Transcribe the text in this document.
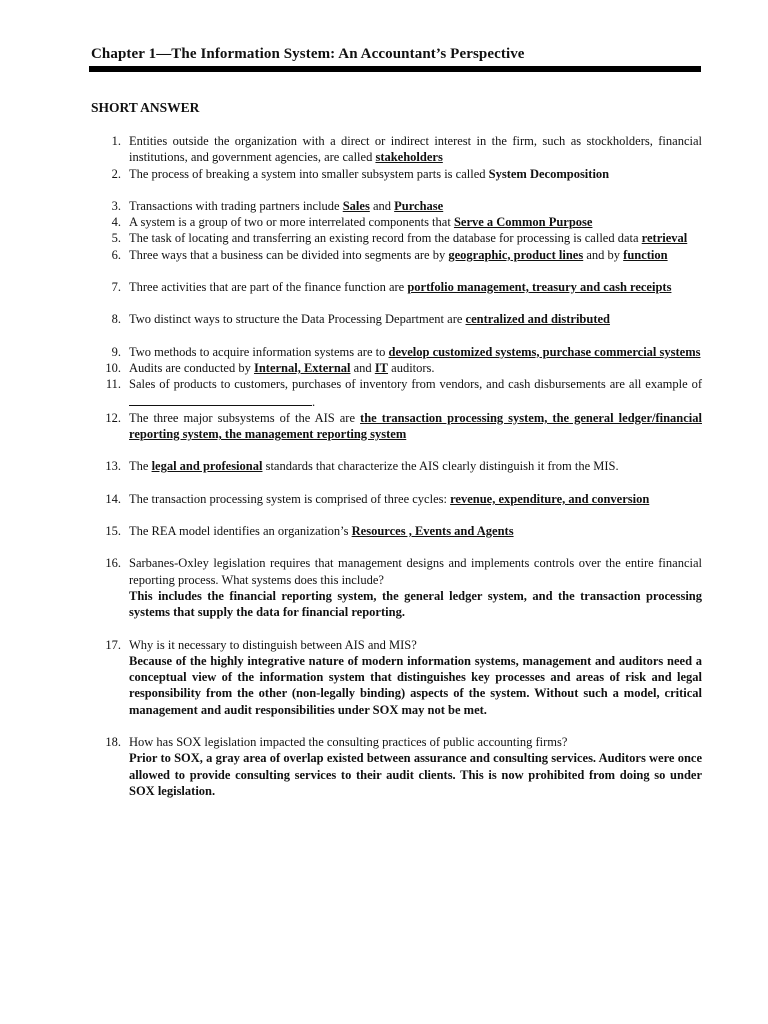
Chapter 1—The Information System: An Accountant’s Perspective
SHORT ANSWER
1. Entities outside the organization with a direct or indirect interest in the firm, such as stockholders, financial institutions, and government agencies, are called stakeholders
2. The process of breaking a system into smaller subsystem parts is called System Decomposition
3. Transactions with trading partners include Sales and Purchase
4. A system is a group of two or more interrelated components that Serve a Common Purpose
5. The task of locating and transferring an existing record from the database for processing is called data retrieval
6. Three ways that a business can be divided into segments are by geographic, product lines and by function
7. Three activities that are part of the finance function are portfolio management, treasury and cash receipts
8. Two distinct ways to structure the Data Processing Department are centralized and distributed
9. Two methods to acquire information systems are to develop customized systems, purchase commercial systems
10. Audits are conducted by Internal, External and IT auditors.
11. Sales of products to customers, purchases of inventory from vendors, and cash disbursements are all example of .
12. The three major subsystems of the AIS are the transaction processing system, the general ledger/financial reporting system, the management reporting system
13. The legal and profesional standards that characterize the AIS clearly distinguish it from the MIS.
14. The transaction processing system is comprised of three cycles: revenue, expenditure, and conversion
15. The REA model identifies an organization’s Resources , Events and Agents
16. Sarbanes-Oxley legislation requires that management designs and implements controls over the entire financial reporting process. What systems does this include?
This includes the financial reporting system, the general ledger system, and the transaction processing systems that supply the data for financial reporting.
17. Why is it necessary to distinguish between AIS and MIS?
Because of the highly integrative nature of modern information systems, management and auditors need a conceptual view of the information system that distinguishes key processes and areas of risk and legal responsibility from the other (non-legally binding) aspects of the system. Without such a model, critical management and audit responsibilities under SOX may not be met.
18. How has SOX legislation impacted the consulting practices of public accounting firms?
Prior to SOX, a gray area of overlap existed between assurance and consulting services. Auditors were once allowed to provide consulting services to their audit clients. This is now prohibited from doing so under SOX legislation.
